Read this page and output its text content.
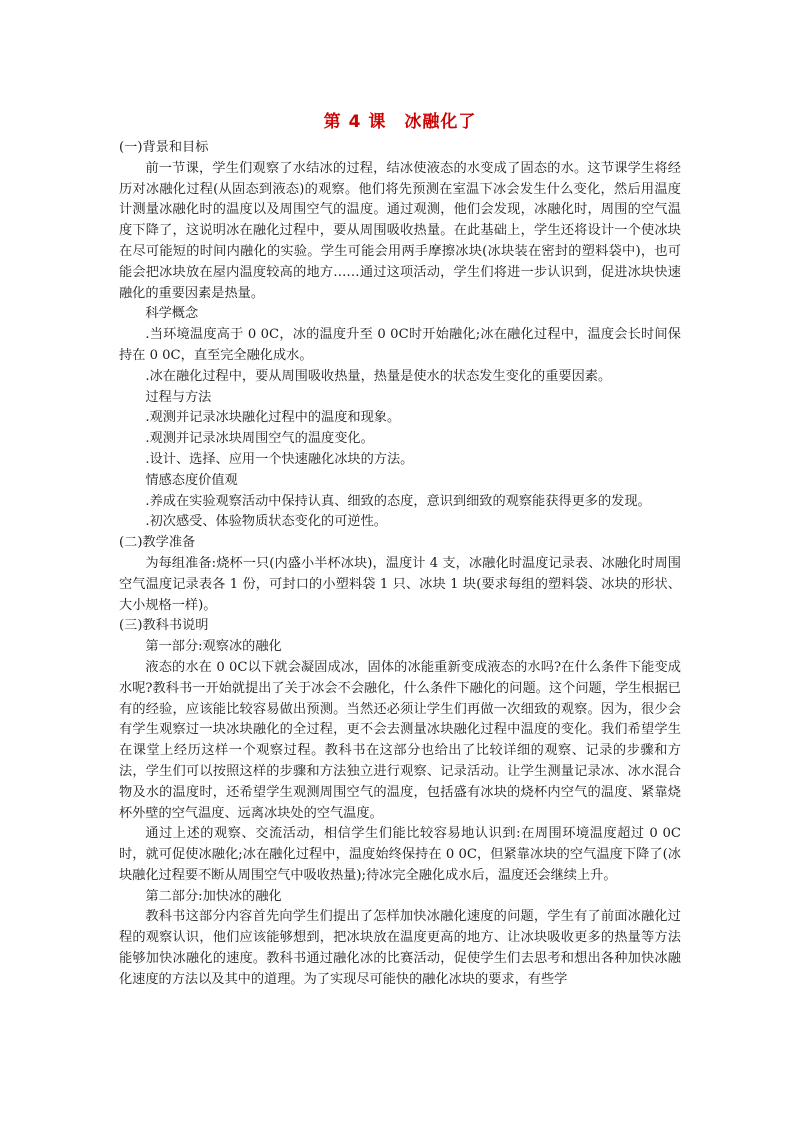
第 4 课　冰融化了

(一)背景和目标

前一节课，学生们观察了水结冰的过程，结冰使液态的水变成了固态的水。这节课学生将经历对冰融化过程(从固态到液态)的观察。他们将先预测在室温下冰会发生什么变化，然后用温度计测量冰融化时的温度以及周围空气的温度。通过观测，他们会发现，冰融化时，周围的空气温度下降了，这说明冰在融化过程中，要从周围吸收热量。在此基础上，学生还将设计一个使冰块在尽可能短的时间内融化的实验。学生可能会用两手摩擦冰块(冰块装在密封的塑料袋中)，也可能会把冰块放在屋内温度较高的地方……通过这项活动，学生们将进一步认识到，促进冰块快速融化的重要因素是热量。

科学概念

.当环境温度高于 0 0C，冰的温度升至 0 0C时开始融化;冰在融化过程中，温度会长时间保持在 0 0C，直至完全融化成水。

.冰在融化过程中，要从周围吸收热量，热量是使水的状态发生变化的重要因素。

过程与方法

.观测并记录冰块融化过程中的温度和现象。

.观测并记录冰块周围空气的温度变化。

.设计、选择、应用一个快速融化冰块的方法。

情感态度价值观

.养成在实验观察活动中保持认真、细致的态度，意识到细致的观察能获得更多的发现。

.初次感受、体验物质状态变化的可逆性。

(二)教学准备

为每组准备:烧杯一只(内盛小半杯冰块)，温度计 4 支，冰融化时温度记录表、冰融化时周围空气温度记录表各 1 份，可封口的小塑料袋 1 只、冰块 1 块(要求每组的塑料袋、冰块的形状、大小规格一样)。

(三)教科书说明

第一部分:观察冰的融化

液态的水在 0 0C以下就会凝固成冰，固体的冰能重新变成液态的水吗?在什么条件下能变成水呢?教科书一开始就提出了关于冰会不会融化，什么条件下融化的问题。这个问题，学生根据已有的经验，应该能比较容易做出预测。当然还必须让学生们再做一次细致的观察。因为，很少会有学生观察过一块冰块融化的全过程，更不会去测量冰块融化过程中温度的变化。我们希望学生在课堂上经历这样一个观察过程。教科书在这部分也给出了比较详细的观察、记录的步骤和方法，学生们可以按照这样的步骤和方法独立进行观察、记录活动。让学生测量记录冰、冰水混合物及水的温度时，还希望学生观测周围空气的温度，包括盛有冰块的烧杯内空气的温度、紧靠烧杯外壁的空气温度、远离冰块处的空气温度。

通过上述的观察、交流活动，相信学生们能比较容易地认识到:在周围环境温度超过 0 0C时，就可促使冰融化;冰在融化过程中，温度始终保持在 0 0C，但紧靠冰块的空气温度下降了(冰块融化过程要不断从周围空气中吸收热量);待冰完全融化成水后，温度还会继续上升。

第二部分:加快冰的融化

教科书这部分内容首先向学生们提出了怎样加快冰融化速度的问题，学生有了前面冰融化过程的观察认识，他们应该能够想到，把冰块放在温度更高的地方、让冰块吸收更多的热量等方法能够加快冰融化的速度。教科书通过融化冰的比赛活动，促使学生们去思考和想出各种加快冰融化速度的方法以及其中的道理。为了实现尽可能快的融化冰块的要求，有些学
